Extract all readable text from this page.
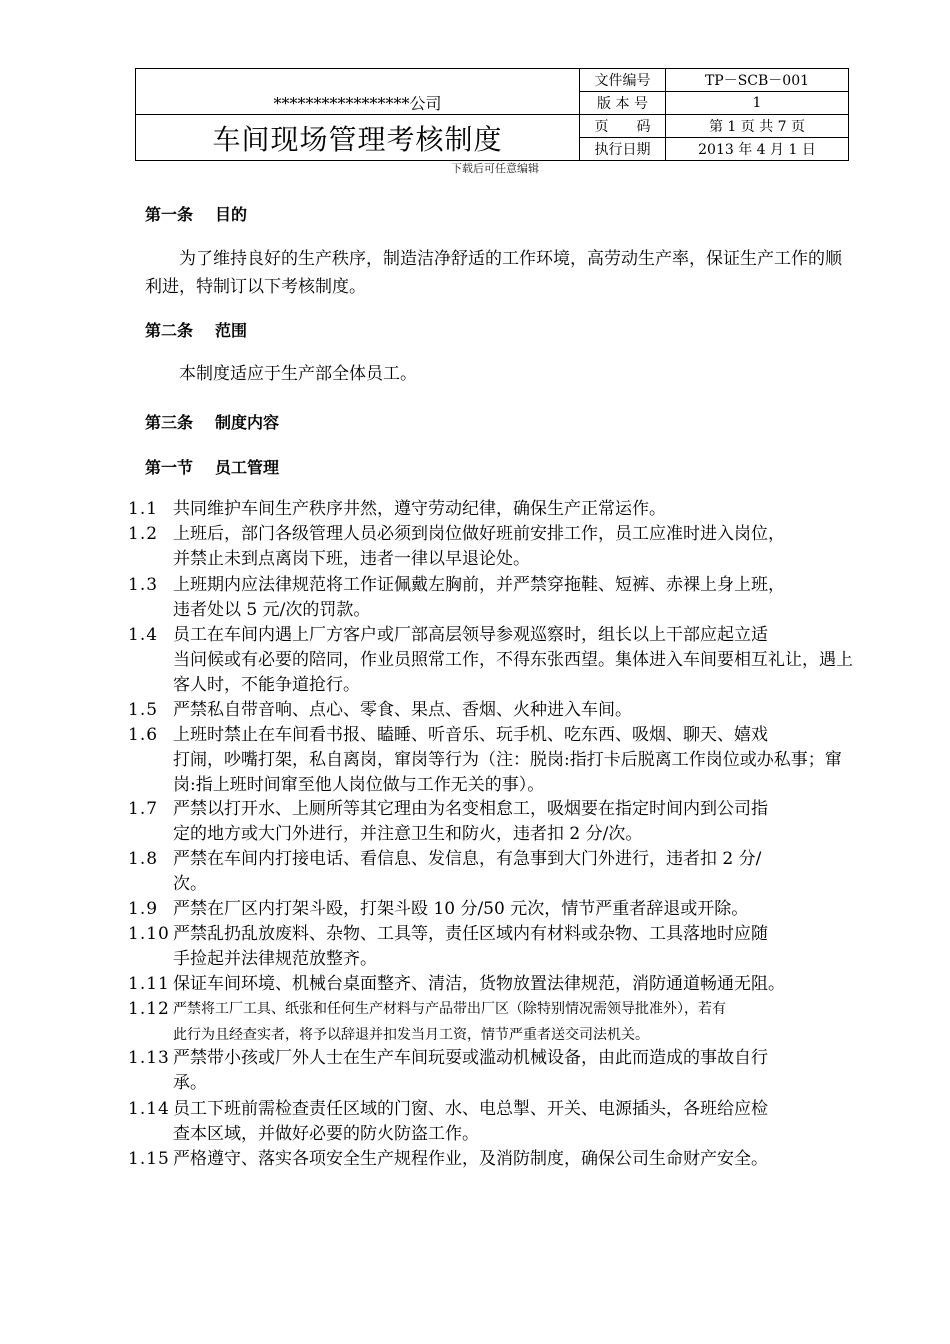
*****************公司	文件编号	TP－SCB－001
	版 本 号	1
车间现场管理考核制度	页　　码	第 1 页 共 7 页
	执行日期	2013 年 4 月 1 日
下载后可任意编辑
第一条 目的
　　为了维持良好的生产秩序，制造洁净舒适的工作环境，高劳动生产率，保证生产工作的顺利进，特制订以下考核制度。
第二条 范围
　　本制度适应于生产部全体员工。
第三条 制度内容
第一节 员工管理
1.1 共同维护车间生产秩序井然，遵守劳动纪律，确保生产正常运作。
1.2 上班后，部门各级管理人员必须到岗位做好班前安排工作，员工应准时进入岗位，
并禁止未到点离岗下班，违者一律以早退论处。
1.3 上班期内应法律规范将工作证佩戴左胸前，并严禁穿拖鞋、短裤、赤裸上身上班，
违者处以 5 元/次的罚款。
1.4 员工在车间内遇上厂方客户或厂部高层领导参观巡察时，组长以上干部应起立适
当问候或有必要的陪同，作业员照常工作，不得东张西望。集体进入车间要相互礼让，遇上客人时，不能争道抢行。
1.5 严禁私自带音响、点心、零食、果点、香烟、火种进入车间。
1.6 上班时禁止在车间看书报、瞌睡、听音乐、玩手机、吃东西、吸烟、聊天、嬉戏
打闹，吵嘴打架，私自离岗，窜岗等行为（注：脱岗:指打卡后脱离工作岗位或办私事；窜岗:指上班时间窜至他人岗位做与工作无关的事）。
1.7 严禁以打开水、上厕所等其它理由为名变相怠工，吸烟要在指定时间内到公司指
定的地方或大门外进行，并注意卫生和防火，违者扣 2 分/次。
1.8 严禁在车间内打接电话、看信息、发信息，有急事到大门外进行，违者扣 2 分/
次。
1.9 严禁在厂区内打架斗殴，打架斗殴 10 分/50 元次，情节严重者辞退或开除。
1.10 严禁乱扔乱放废料、杂物、工具等，责任区域内有材料或杂物、工具落地时应随
手捡起并法律规范放整齐。
1.11 保证车间环境、机械台桌面整齐、清洁，货物放置法律规范，消防通道畅通无阻。
1.12 严禁将工厂工具、纸张和任何生产材料与产品带出厂区（除特别情况需领导批准外），若有
此行为且经查实者，将予以辞退并扣发当月工资，情节严重者送交司法机关。
1.13 严禁带小孩或厂外人士在生产车间玩耍或滥动机械设备，由此而造成的事故自行
承。
1.14 员工下班前需检查责任区域的门窗、水、电总掣、开关、电源插头，各班给应检
查本区域，并做好必要的防火防盗工作。
1.15 严格遵守、落实各项安全生产规程作业，及消防制度，确保公司生命财产安全。
